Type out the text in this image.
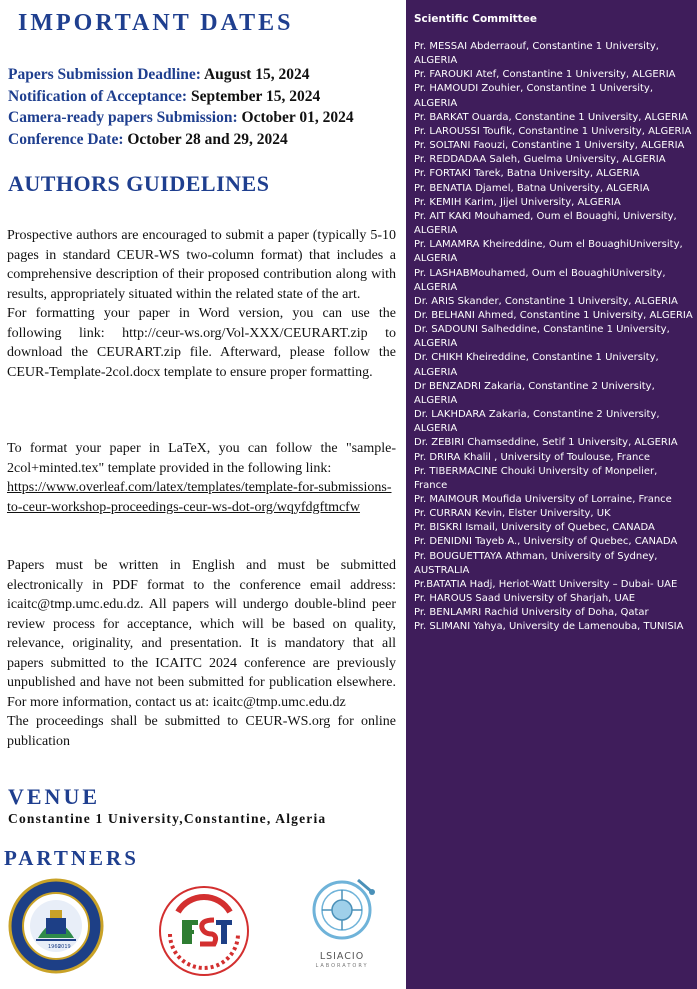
IMPORTANT DATES
Papers Submission Deadline: August 15, 2024
Notification of Acceptance: September 15, 2024
Camera-ready papers Submission: October 01, 2024
Conference Date: October 28 and 29, 2024
AUTHORS GUIDELINES

Prospective authors are encouraged to submit a paper (typically 5-10 pages in standard CEUR-WS two-column format) that includes a comprehensive description of their proposed contribution along with results, appropriately situated within the related state of the art.

For formatting your paper in Word version, you can use the following link: http://ceur-ws.org/Vol-XXX/CEURART.zip to download the CEURART.zip file. Afterward, please follow the CEUR-Template-2col.docx template to ensure proper formatting.

To format your paper in LaTeX, you can follow the "sample-2col+minted.tex" template provided in the following link:

https://www.overleaf.com/latex/templates/template-for-submissions-to-ceur-workshop-proceedings-ceur-ws-dot-org/wqyfdgftmcfw

Papers must be written in English and must be submitted electronically in PDF format to the conference email address: icaitc@tmp.umc.edu.dz. All papers will undergo double-blind peer review process for acceptance, which will be based on quality, relevance, originality, and presentation. It is mandatory that all papers submitted to the ICAITC 2024 conference are previously unpublished and have not been submitted for publication elsewhere. For more information, contact us at: icaitc@tmp.umc.edu.dz

The proceedings shall be submitted to CEUR-WS.org for online publication

VENUE
Constantine 1 University,Constantine, Algeria
PARTNERS
1960
2019
LSIACIO
LABORATORY
Scientific Committee
Pr. MESSAI Abderraouf, Constantine 1 University,
ALGERIA
Pr. FAROUKI Atef, Constantine 1 University, ALGERIA
Pr. HAMOUDI Zouhier, Constantine 1 University,
ALGERIA
Pr. BARKAT Ouarda, Constantine 1 University, ALGERIA
Pr. LAROUSSI Toufik, Constantine 1 University, ALGERIA
Pr. SOLTANI Faouzi, Constantine 1 University, ALGERIA
Pr. REDDADAA Saleh, Guelma University, ALGERIA
Pr. FORTAKI Tarek, Batna University, ALGERIA
Pr. BENATIA Djamel, Batna University, ALGERIA
Pr. KEMIH Karim, Jijel University, ALGERIA
Pr. AIT KAKI Mouhamed, Oum el Bouaghi, University,
ALGERIA
Pr. LAMAMRA Kheireddine, Oum el BouaghiUniversity,
ALGERIA
Pr. LASHABMouhamed, Oum el BouaghiUniversity,
ALGERIA
Dr. ARIS Skander, Constantine 1 University, ALGERIA
Dr. BELHANI Ahmed, Constantine 1 University, ALGERIA
Dr. SADOUNI Salheddine, Constantine 1 University,
ALGERIA
Dr. CHIKH Kheireddine, Constantine 1 University,
ALGERIA
Dr BENZADRI Zakaria, Constantine 2 University, ALGERIA
Dr. LAKHDARA Zakaria, Constantine 2 University,
ALGERIA
Dr. ZEBIRI Chamseddine, Setif 1 University, ALGERIA
Pr. DRIRA Khalil , University of Toulouse, France
Pr. TIBERMACINE Chouki University of Monpelier,
France
Pr. MAIMOUR Moufida University of Lorraine, France
Pr. CURRAN Kevin, Elster University, UK
Pr. BISKRI Ismail, University of Quebec, CANADA
Pr. DENIDNI Tayeb A., University of Quebec, CANADA
Pr. BOUGUETTAYA Athman, University of Sydney,
AUSTRALIA
Pr.BATATIA Hadj, Heriot-Watt University – Dubai- UAE
Pr. HAROUS Saad University of Sharjah, UAE
Pr. BENLAMRI Rachid University of Doha, Qatar
Pr. SLIMANI Yahya, University de Lamenouba, TUNISIA
